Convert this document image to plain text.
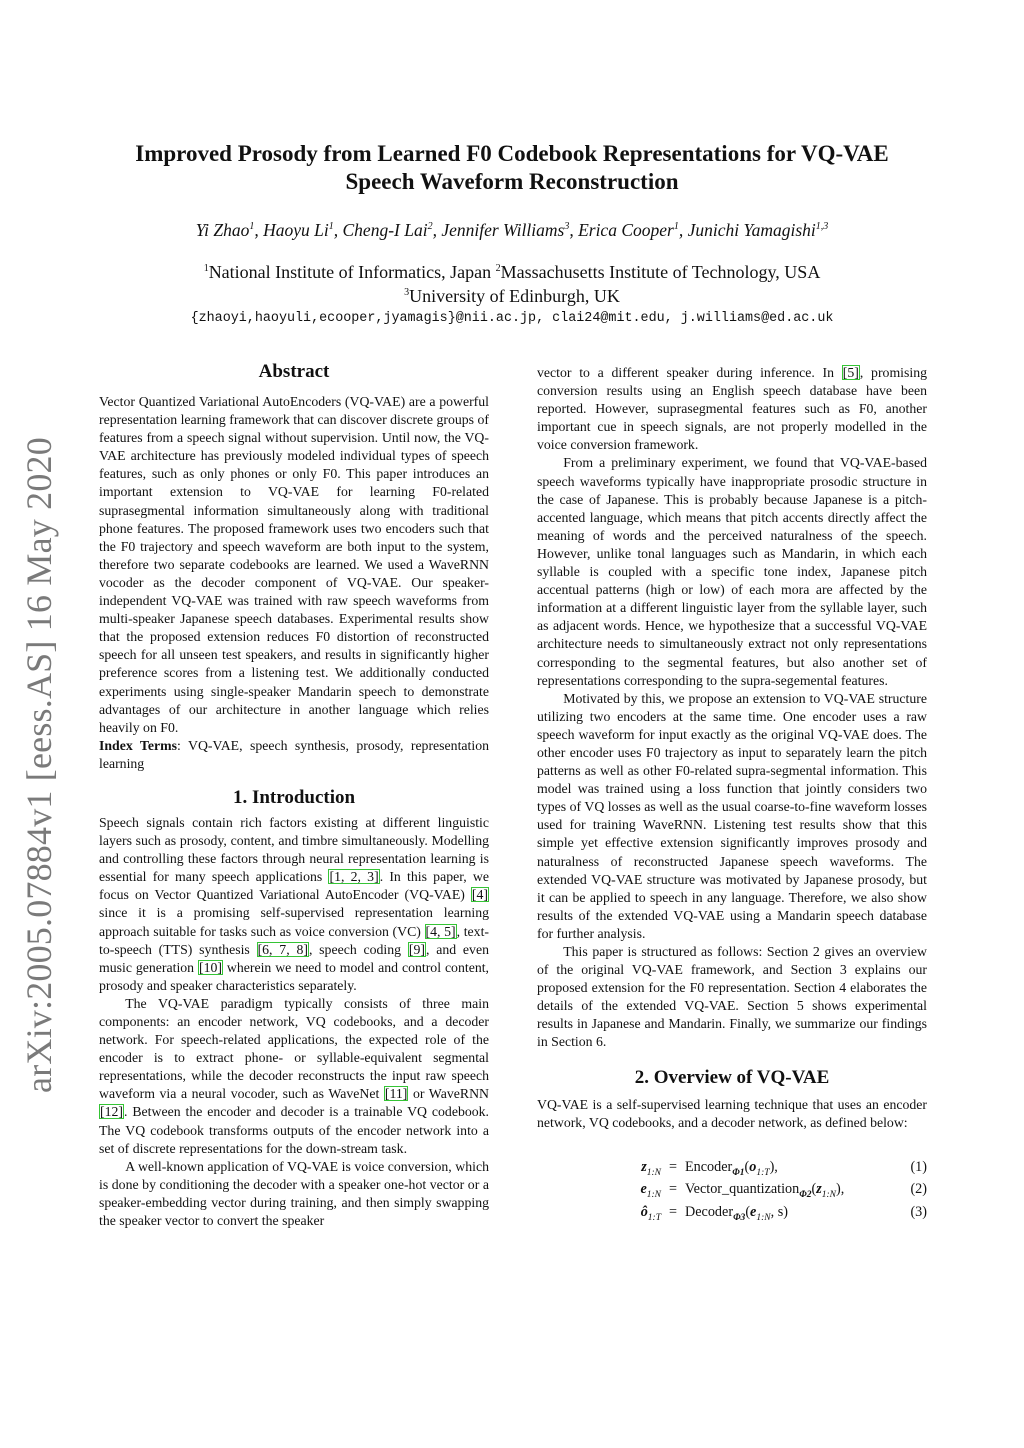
arXiv:2005.07884v1 [eess.AS] 16 May 2020
Improved Prosody from Learned F0 Codebook Representations for VQ-VAE
Speech Waveform Reconstruction
Yi Zhao$^1$, Haoyu Li$^1$, Cheng-I Lai$^2$, Jennifer Williams$^3$, Erica Cooper$^1$, Junichi Yamagishi$^{1,3}$
$^1$National Institute of Informatics, Japan $^2$Massachusetts Institute of Technology, USA
$^3$University of Edinburgh, UK
{zhaoyi,haoyuli,ecooper,jyamagis}@nii.ac.jp, clai24@mit.edu, j.williams@ed.ac.uk
Abstract

Vector Quantized Variational AutoEncoders (VQ-VAE) are a powerful representation learning framework that can discover discrete groups of features from a speech signal without supervision. Until now, the VQ-VAE architecture has previously modeled individual types of speech features, such as only phones or only F0. This paper introduces an important extension to VQ-VAE for learning F0-related suprasegmental information simultaneously along with traditional phone features. The proposed framework uses two encoders such that the F0 trajectory and speech waveform are both input to the system, therefore two separate codebooks are learned. We used a WaveRNN vocoder as the decoder component of VQ-VAE. Our speaker-independent VQ-VAE was trained with raw speech waveforms from multi-speaker Japanese speech databases. Experimental results show that the proposed extension reduces F0 distortion of reconstructed speech for all unseen test speakers, and results in significantly higher preference scores from a listening test. We additionally conducted experiments using single-speaker Mandarin speech to demonstrate advantages of our architecture in another language which relies heavily on F0.

Index Terms: VQ-VAE, speech synthesis, prosody, representation learning

1. Introduction

Speech signals contain rich factors existing at different linguistic layers such as prosody, content, and timbre simultaneously. Modelling and controlling these factors through neural representation learning is essential for many speech applications [1, 2, 3]. In this paper, we focus on Vector Quantized Variational AutoEncoder (VQ-VAE) [4] since it is a promising self-supervised representation learning approach suitable for tasks such as voice conversion (VC) [4, 5], text-to-speech (TTS) synthesis [6, 7, 8], speech coding [9], and even music generation [10] wherein we need to model and control content, prosody and speaker characteristics separately.

The VQ-VAE paradigm typically consists of three main components: an encoder network, VQ codebooks, and a decoder network. For speech-related applications, the expected role of the encoder is to extract phone- or syllable-equivalent segmental representations, while the decoder reconstructs the input raw speech waveform via a neural vocoder, such as WaveNet [11] or WaveRNN [12]. Between the encoder and decoder is a trainable VQ codebook. The VQ codebook transforms outputs of the encoder network into a set of discrete representations for the down-stream task.

A well-known application of VQ-VAE is voice conversion, which is done by conditioning the decoder with a speaker one-hot vector or a speaker-embedding vector during training, and then simply swapping the speaker vector to convert the speaker

vector to a different speaker during inference. In [5], promising conversion results using an English speech database have been reported. However, suprasegmental features such as F0, another important cue in speech signals, are not properly modelled in the voice conversion framework.

From a preliminary experiment, we found that VQ-VAE-based speech waveforms typically have inappropriate prosodic structure in the case of Japanese. This is probably because Japanese is a pitch-accented language, which means that pitch accents directly affect the meaning of words and the perceived naturalness of the speech. However, unlike tonal languages such as Mandarin, in which each syllable is coupled with a specific tone index, Japanese pitch accentual patterns (high or low) of each mora are affected by the information at a different linguistic layer from the syllable layer, such as adjacent words. Hence, we hypothesize that a successful VQ-VAE architecture needs to simultaneously extract not only representations corresponding to the segmental features, but also another set of representations corresponding to the supra-segemental features.

Motivated by this, we propose an extension to VQ-VAE structure utilizing two encoders at the same time. One encoder uses a raw speech waveform for input exactly as the original VQ-VAE does. The other encoder uses F0 trajectory as input to separately learn the pitch patterns as well as other F0-related supra-segmental information. This model was trained using a loss function that jointly considers two types of VQ losses as well as the usual coarse-to-fine waveform losses used for training WaveRNN. Listening test results show that this simple yet effective extension significantly improves prosody and naturalness of reconstructed Japanese speech waveforms. The extended VQ-VAE structure was motivated by Japanese prosody, but it can be applied to speech in any language. Therefore, we also show results of the extended VQ-VAE using a Mandarin speech database for further analysis.

This paper is structured as follows: Section 2 gives an overview of the original VQ-VAE framework, and Section 3 explains our proposed extension for the F0 representation. Section 4 elaborates the details of the extended VQ-VAE. Section 5 shows experimental results in Japanese and Mandarin. Finally, we summarize our findings in Section 6.

2. Overview of VQ-VAE

VQ-VAE is a self-supervised learning technique that uses an encoder network, VQ codebooks, and a decoder network, as defined below:

$z_{1:N}$ = $Encoder_{\Phi 1}(o_{1:T})$,	(1)
$e_{1:N}$ = $Vector\_quantization_{\Phi 2}(z_{1:N})$,	(2)
$ô_{1:T}$ = $Decoder_{\Phi 3}(e_{1:N}$, s)	(3)
